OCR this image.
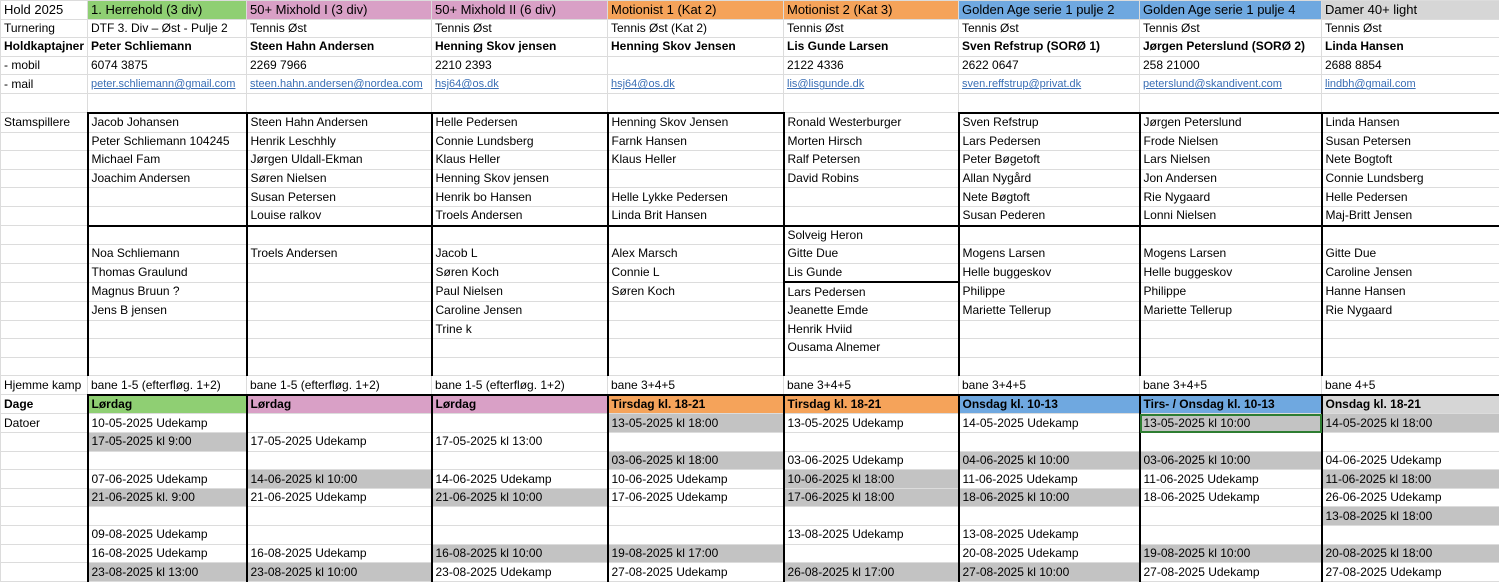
Hold 2025	1. Herrehold (3 div)	50+ Mixhold I (3 div)	50+ Mixhold II (6 div)	Motionist 1 (Kat 2)	Motionist 2 (Kat 3)	Golden Age serie 1 pulje 2	Golden Age serie 1 pulje 4	Damer 40+ light
Turnering	DTF 3. Div – Øst - Pulje 2	Tennis Øst	Tennis Øst	Tennis Øst (Kat 2)	Tennis Øst	Tennis Øst	Tennis Øst	Tennis Øst
Holdkaptajner	Peter Schliemann	Steen Hahn Andersen	Henning Skov jensen	Henning Skov Jensen	Lis Gunde Larsen	Sven Refstrup (SORØ 1)	Jørgen Peterslund (SORØ 2)	Linda Hansen
- mobil	6074 3875	2269 7966	2210 2393		2122 4336	2622 0647	258 21000	2688 8854
- mail	peter.schliemann@gmail.com	steen.hahn.andersen@nordea.com	hsj64@os.dk	hsj64@os.dk	lis@lisgunde.dk	sven.reffstrup@privat.dk	peterslund@skandivent.com	lindbh@gmail.com

Stamspillere	Jacob Johansen	Steen Hahn Andersen	Helle Pedersen	Henning Skov Jensen	Ronald Westerburger	Sven Refstrup	Jørgen Peterslund	Linda Hansen
	Peter Schliemann 104245	Henrik Leschhly	Connie Lundsberg	Farnk Hansen	Morten Hirsch	Lars Pedersen	Frode Nielsen	Susan Petersen
	Michael Fam	Jørgen Uldall-Ekman	Klaus Heller	Klaus Heller	Ralf Petersen	Peter Bøgetoft	Lars Nielsen	Nete Bogtoft
	Joachim Andersen	Søren Nielsen	Henning Skov jensen		David Robins	Allan Nygård	Jon Andersen	Connie Lundsberg
		Susan Petersen	Henrik bo Hansen	Helle Lykke Pedersen		Nete Bøgtoft	Rie Nygaard	Helle Pedersen
		Louise ralkov	Troels Andersen	Linda Brit Hansen		Susan Pederen	Lonni Nielsen	Maj-Britt Jensen
					Solveig Heron			
	Noa Schliemann	Troels Andersen	Jacob L	Alex Marsch	Gitte Due	Mogens Larsen	Mogens Larsen	Gitte Due
	Thomas Graulund		Søren Koch	Connie L	Lis Gunde	Helle buggeskov	Helle buggeskov	Caroline Jensen
	Magnus Bruun ?		Paul Nielsen	Søren Koch	Lars Pedersen	Philippe	Philippe	Hanne Hansen
	Jens B jensen		Caroline Jensen		Jeanette Emde	Mariette Tellerup	Mariette Tellerup	Rie Nygaard
			Trine k		Henrik Hviid			
					Ousama Alnemer			

Hjemme kamp	bane 1-5 (efterfløg. 1+2)	bane 1-5 (efterfløg. 1+2)	bane 1-5 (efterfløg. 1+2)	bane 3+4+5	bane 3+4+5	bane 3+4+5	bane 3+4+5	bane 4+5
Dage	Lørdag	Lørdag	Lørdag	Tirsdag kl. 18-21	Tirsdag kl. 18-21	Onsdag kl. 10-13	Tirs- / Onsdag kl. 10-13	Onsdag kl. 18-21
Datoer	10-05-2025 Udekamp			13-05-2025 kl 18:00	13-05-2025 Udekamp	14-05-2025 Udekamp	13-05-2025 kl 10:00	14-05-2025 kl 18:00
	17-05-2025 kl 9:00	17-05-2025 Udekamp	17-05-2025 kl 13:00					
				03-06-2025 kl 18:00	03-06-2025 Udekamp	04-06-2025 kl 10:00	03-06-2025 kl 10:00	04-06-2025 Udekamp
	07-06-2025 Udekamp	14-06-2025 kl 10:00	14-06-2025 Udekamp	10-06-2025 Udekamp	10-06-2025 kl 18:00	11-06-2025 Udekamp	11-06-2025 Udekamp	11-06-2025 kl 18:00
	21-06-2025 kl. 9:00	21-06-2025 Udekamp	21-06-2025 kl 10:00	17-06-2025 Udekamp	17-06-2025 kl 18:00	18-06-2025 kl 10:00	18-06-2025 Udekamp	26-06-2025 Udekamp
								13-08-2025 kl 18:00
	09-08-2025 Udekamp				13-08-2025 Udekamp	13-08-2025 Udekamp		
	16-08-2025 Udekamp	16-08-2025 Udekamp	16-08-2025 kl 10:00	19-08-2025 kl 17:00		20-08-2025 Udekamp	19-08-2025 kl 10:00	20-08-2025 kl 18:00
	23-08-2025 kl 13:00	23-08-2025 kl 10:00	23-08-2025 Udekamp	27-08-2025 Udekamp	26-08-2025 kl 17:00	27-08-2025 kl 10:00	27-08-2025 Udekamp	27-08-2025 Udekamp
